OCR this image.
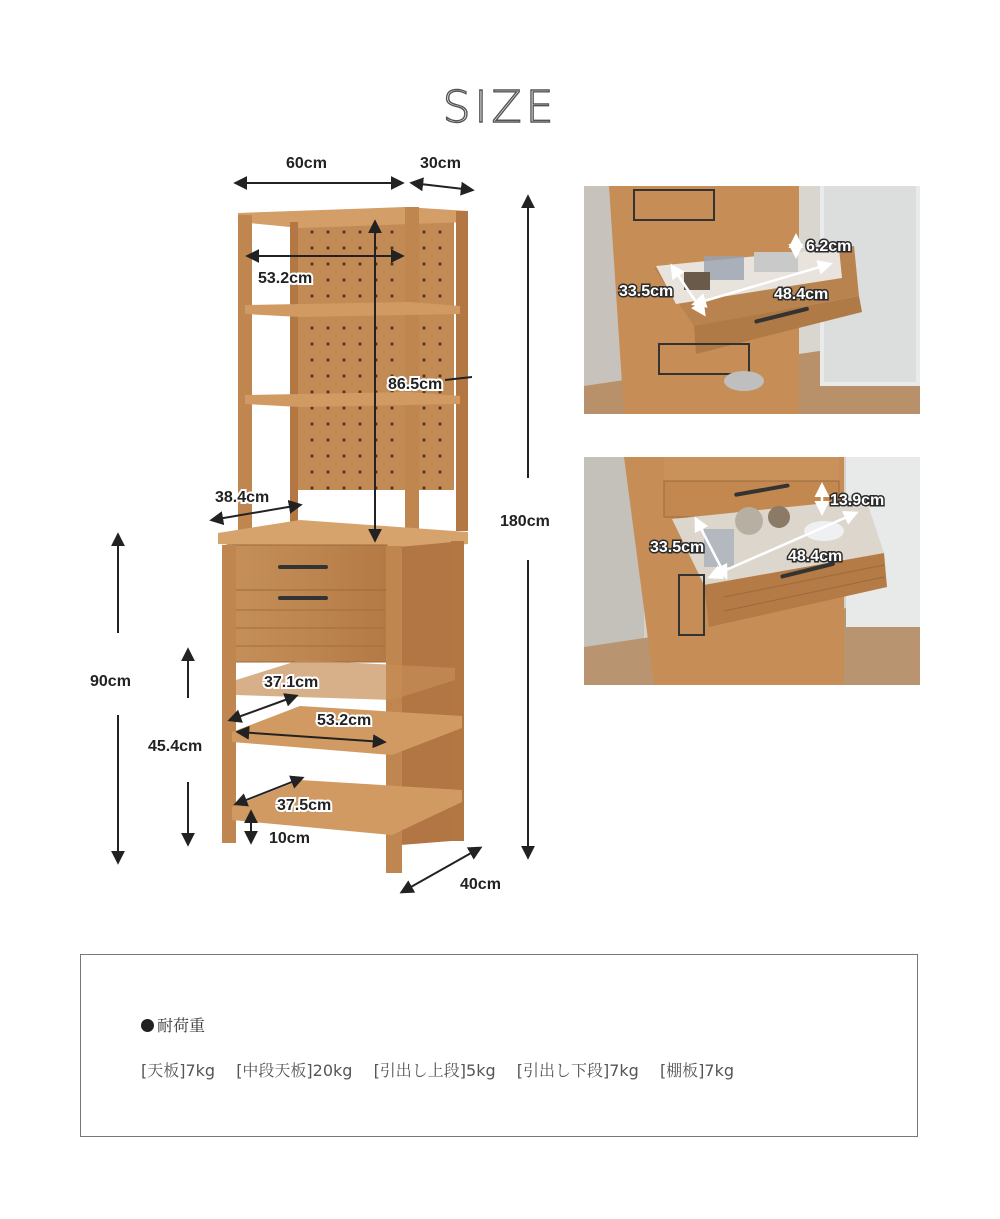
SIZE
60cm	30cm
53.2cm
86.5cm
180cm
38.4cm
90cm	37.1cm
53.2cm
45.4cm
37.5cm
10cm
40cm
6.2cm
33.5cm	48.4cm
13.9cm
33.5cm
48.4cm
耐荷重
[天板]7kg [中段天板]20kg [引出し上段]5kg [引出し下段]7kg [棚板]7kg
